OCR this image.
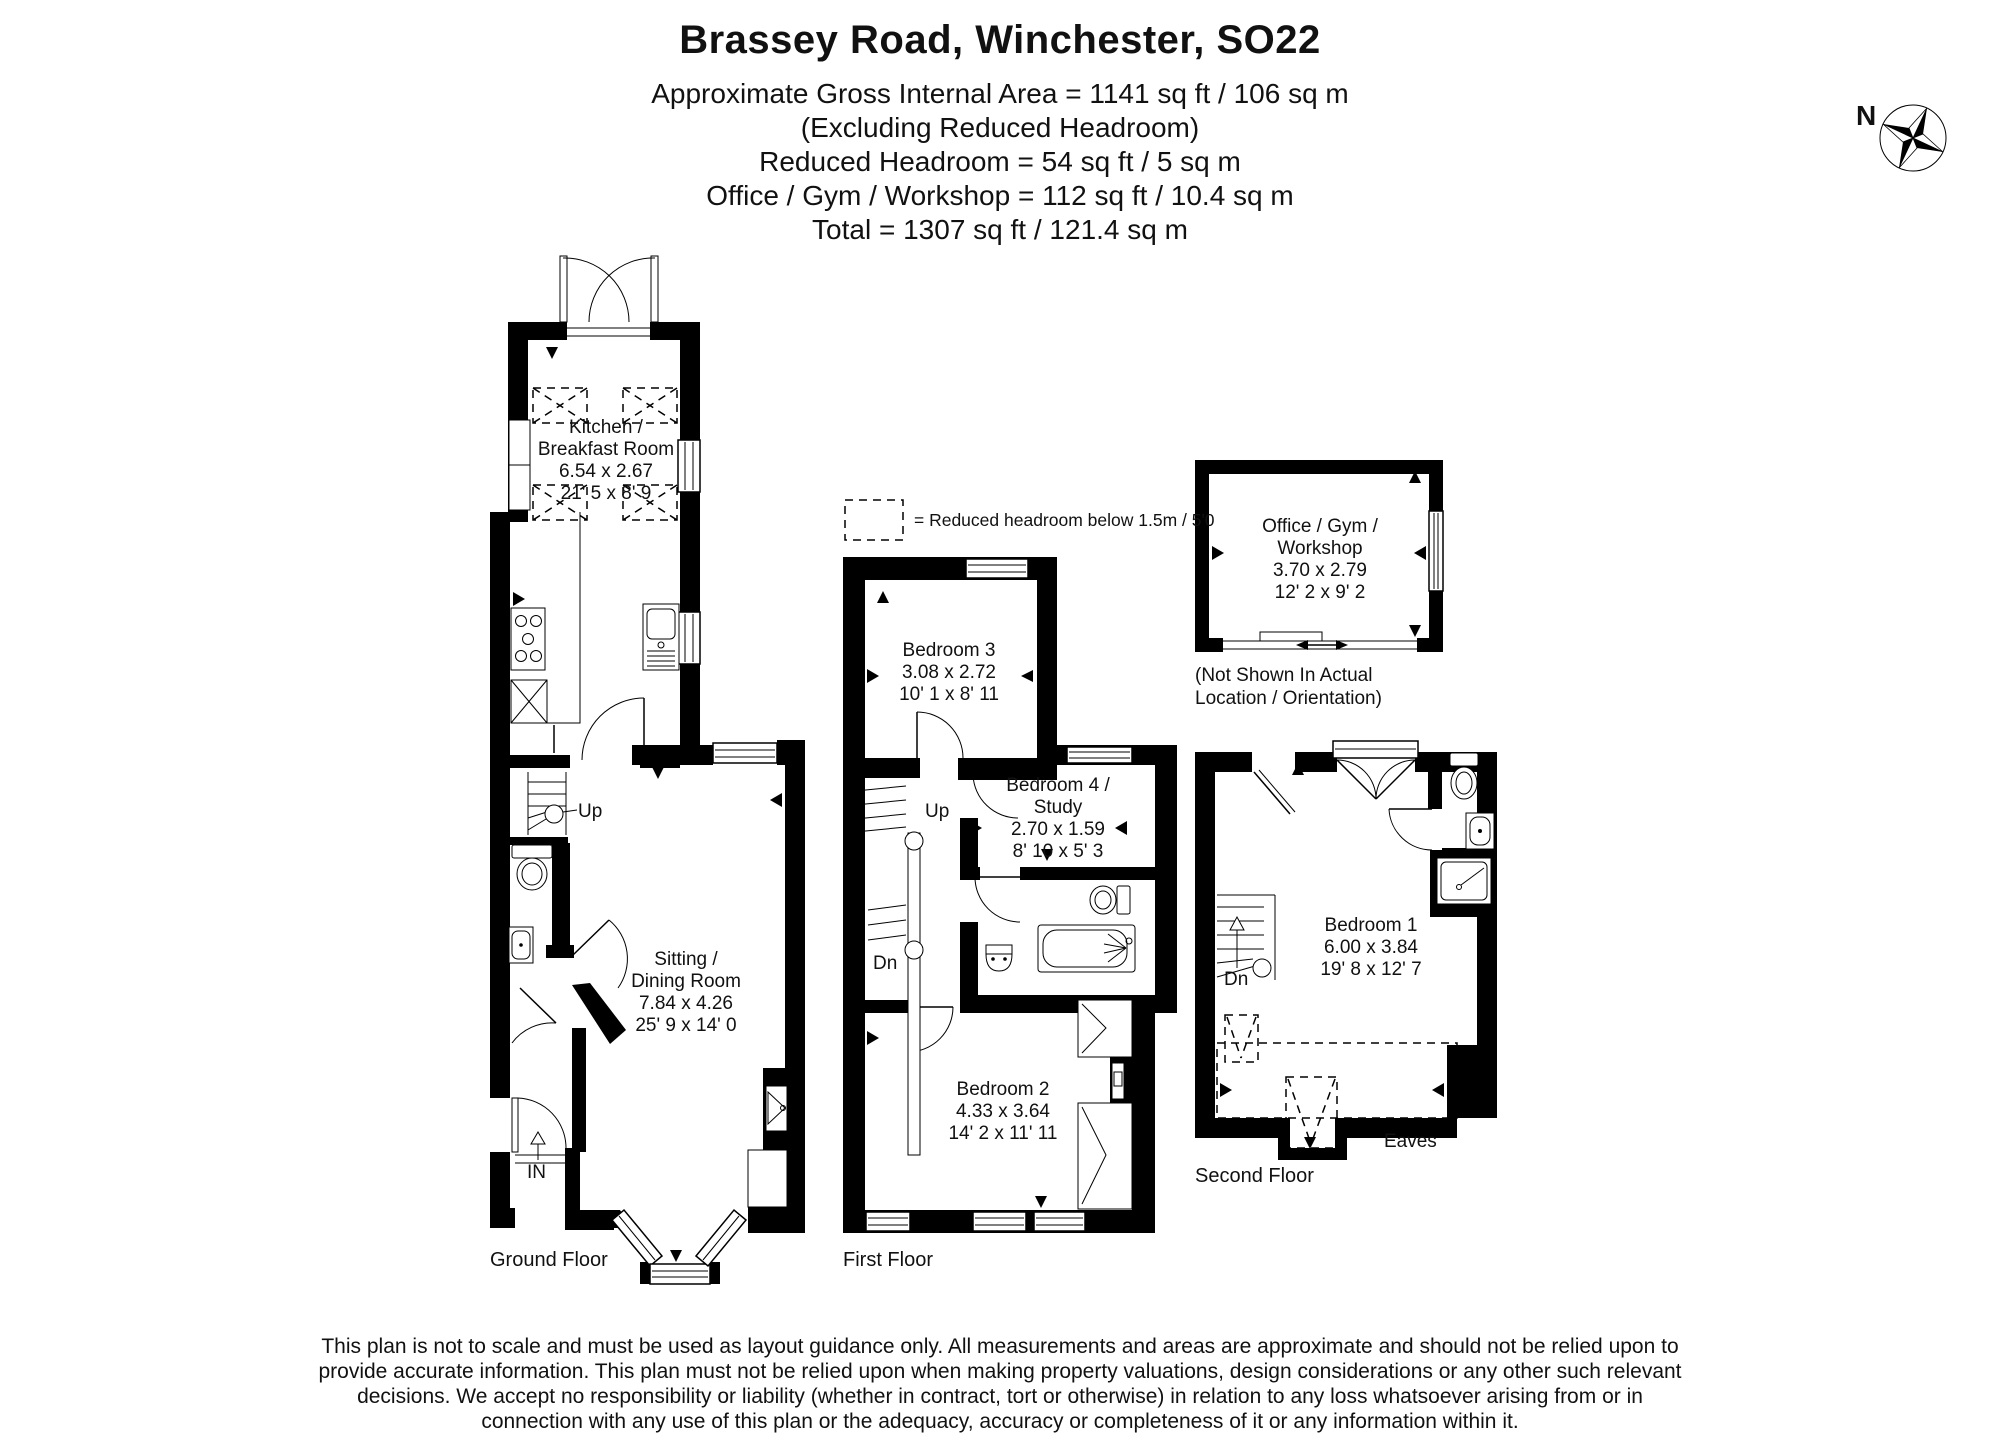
Brassey Road, Winchester, SO22
Approximate Gross Internal Area = 1141 sq ft / 106 sq m
(Excluding Reduced Headroom)
Reduced Headroom = 54 sq ft / 5 sq m
Office / Gym / Workshop = 112 sq ft / 10.4 sq m
Total = 1307 sq ft / 121.4 sq m
N
= Reduced headroom below 1.5m / 5'0
Kitchen /
Breakfast Room
6.54 x 2.67
21' 5 x 8' 9
Sitting /
Dining Room
7.84 x 4.26
25' 9 x 14' 0
Bedroom 3
3.08 x 2.72
10' 1 x 8' 11
Bedroom 4 /
Study
2.70 x 1.59
8' 10 x 5' 3
Bedroom 2
4.33 x 3.64
14' 2 x 11' 11
Bedroom 1
6.00 x 3.84
19' 8 x 12' 7
Office / Gym /
Workshop
3.70 x 2.79
12' 2 x 9' 2
(Not Shown In Actual
Location / Orientation)
Up
IN
Up
Dn
Dn
Eaves
Ground Floor	First Floor
Second Floor
This plan is not to scale and must be used as layout guidance only. All measurements and areas are approximate and should not be relied upon to
provide accurate information. This plan must not be relied upon when making property valuations, design considerations or any other such relevant
decisions. We accept no responsibility or liability (whether in contract, tort or otherwise) in relation to any loss whatsoever arising from or in
connection with any use of this plan or the adequacy, accuracy or completeness of it or any information within it.
